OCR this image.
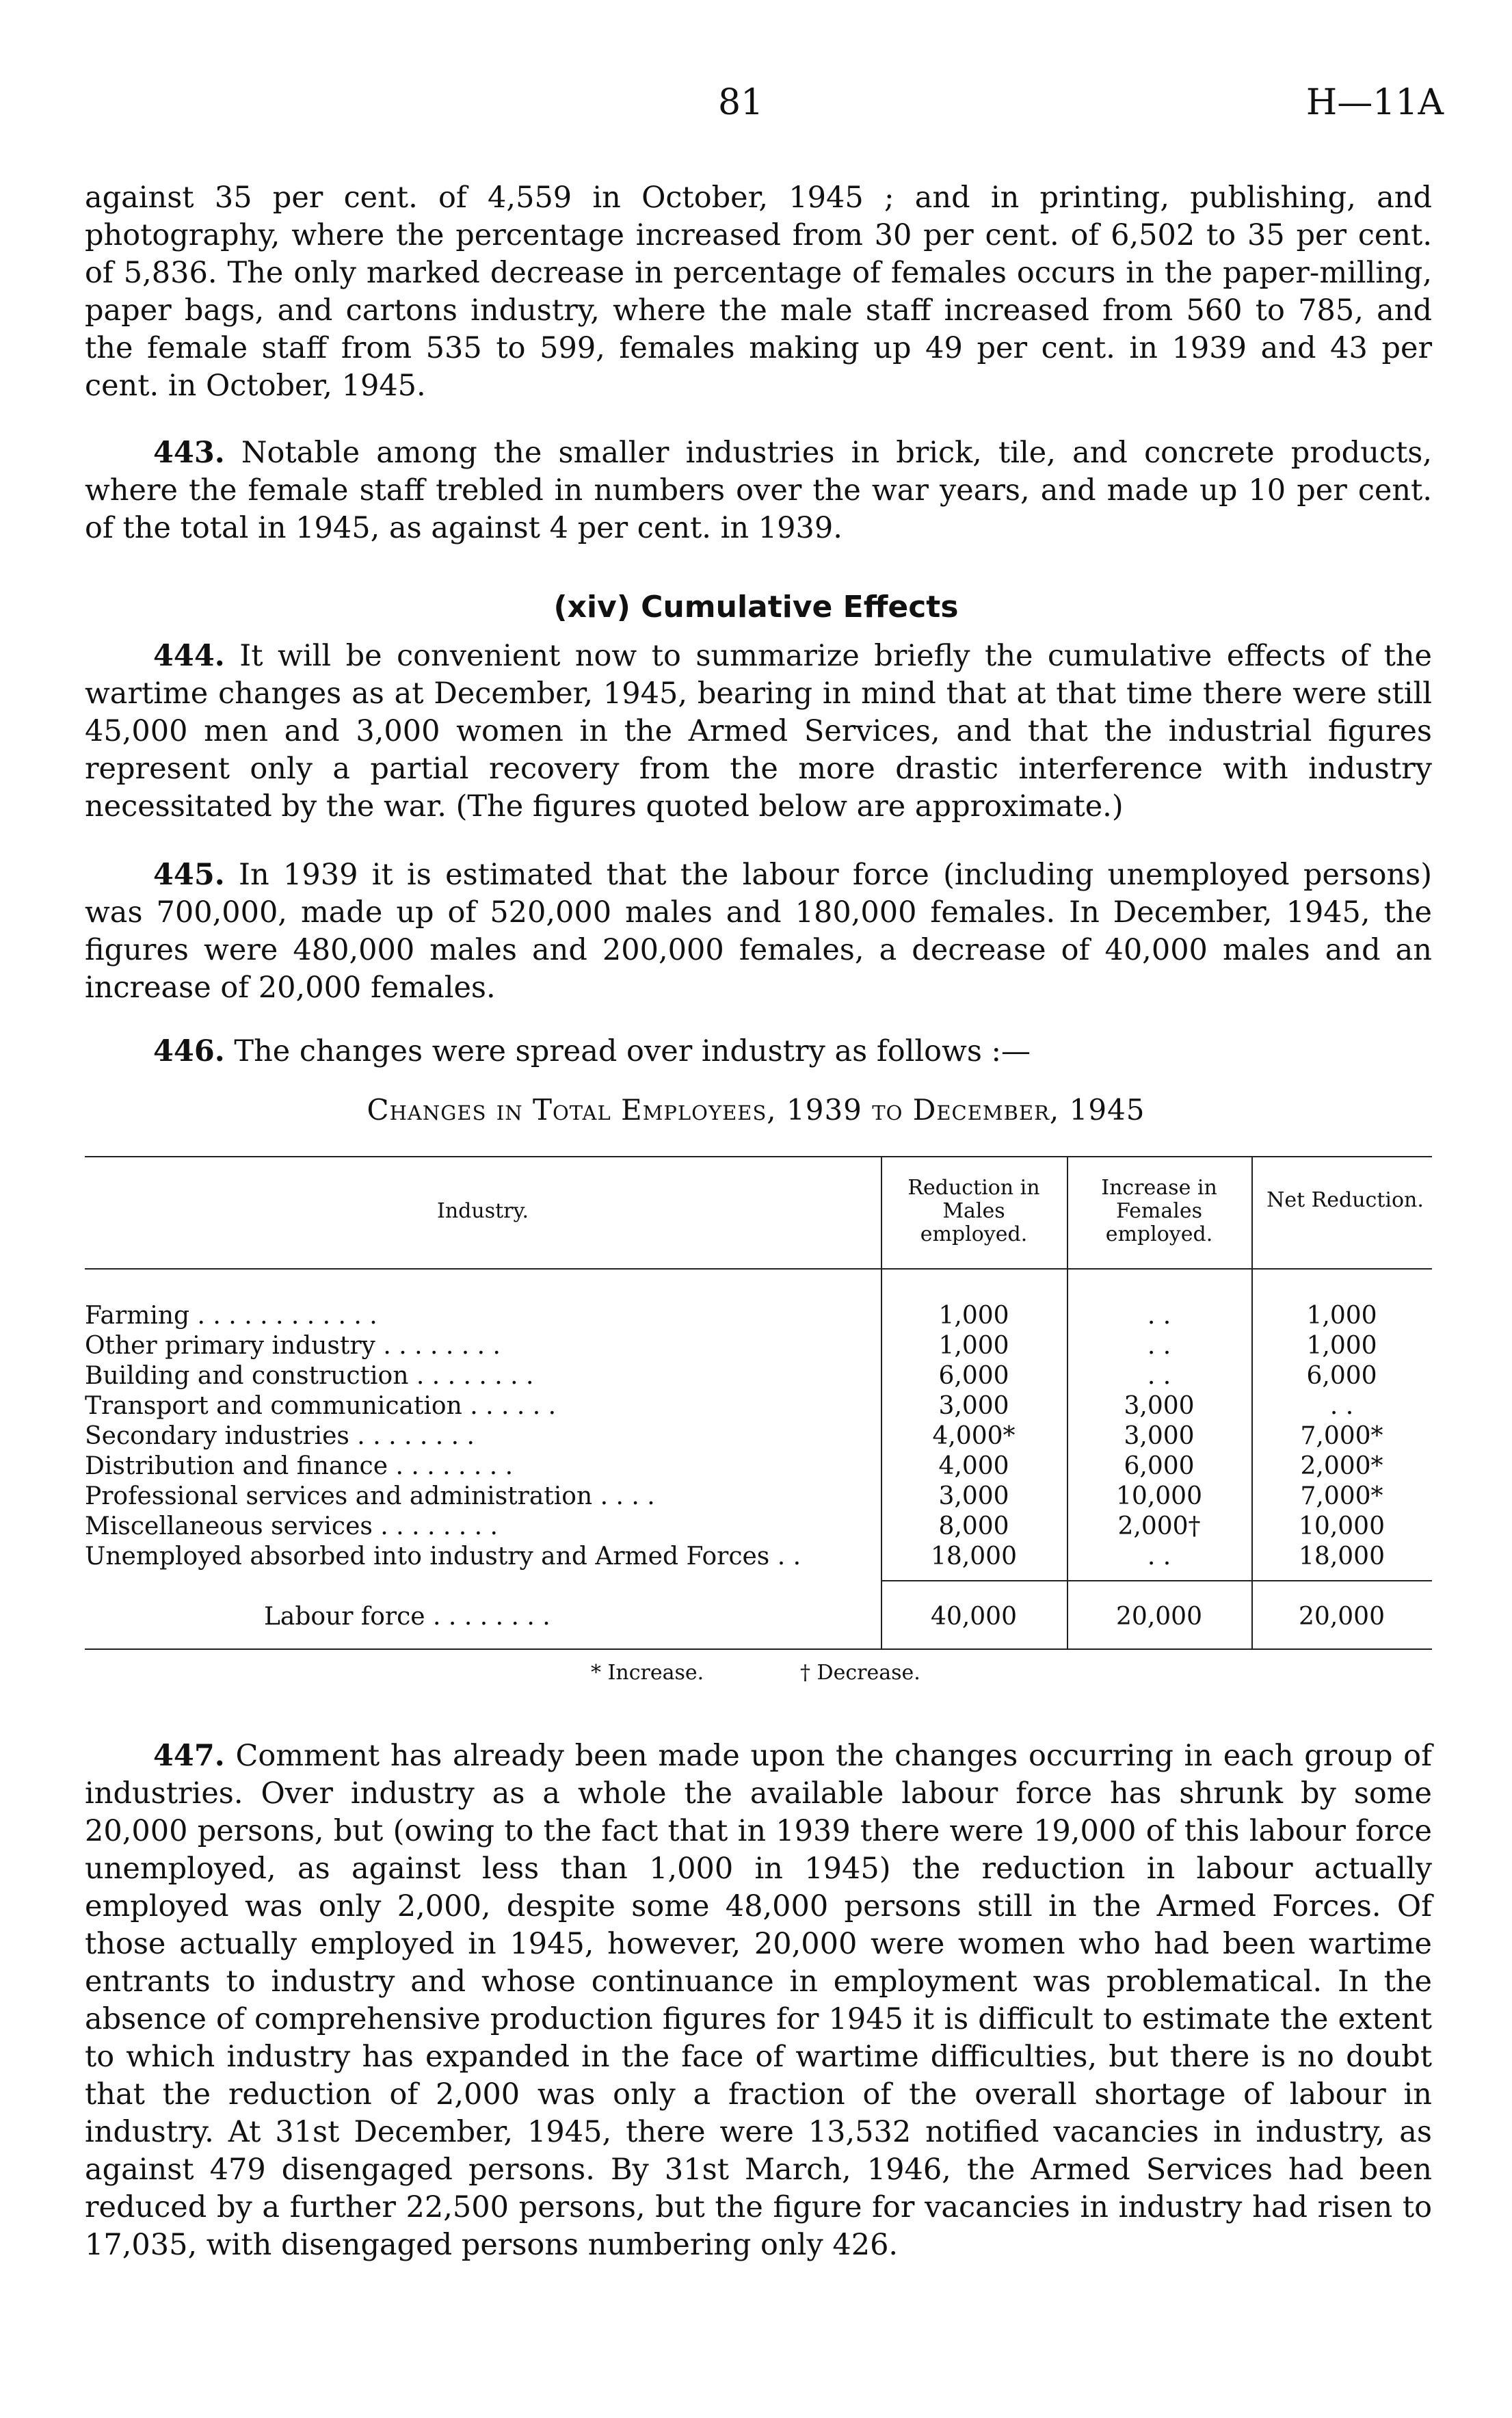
81	H—11A

against 35 per cent. of 4,559 in October, 1945 ; and in printing, publishing, and photography, where the percentage increased from 30 per cent. of 6,502 to 35 per cent. of 5,836. The only marked decrease in percentage of females occurs in the paper-milling, paper bags, and cartons industry, where the male staff increased from 560 to 785, and the female staff from 535 to 599, females making up 49 per cent. in 1939 and 43 per cent. in October, 1945.

443. Notable among the smaller industries in brick, tile, and concrete products, where the female staff trebled in numbers over the war years, and made up 10 per cent. of the total in 1945, as against 4 per cent. in 1939.

(xiv) Cumulative Effects

444. It will be convenient now to summarize briefly the cumulative effects of the wartime changes as at December, 1945, bearing in mind that at that time there were still 45,000 men and 3,000 women in the Armed Services, and that the industrial figures represent only a partial recovery from the more drastic interference with industry necessitated by the war. (The figures quoted below are approximate.)

445. In 1939 it is estimated that the labour force (including unemployed persons) was 700,000, made up of 520,000 males and 180,000 females. In December, 1945, the figures were 480,000 males and 200,000 females, a decrease of 40,000 males and an increase of 20,000 females.

446. The changes were spread over industry as follows :—

Changes in Total Employees, 1939 to December, 1945
Industry.
Reduction in Males employed.
Increase in Females employed.
Net Reduction.
Farming . . . . . . . . . . . .	1,000	. .	1,000
Other primary industry . . . . . . . .	1,000	. .	1,000
Building and construction . . . . . . . .	6,000	. .	6,000
Transport and communication . . . . . .	3,000	3,000	. .
Secondary industries . . . . . . . .	4,000*	3,000	7,000*
Distribution and finance . . . . . . . .	4,000	6,000	2,000*
Professional services and administration . . . .	3,000	10,000	7,000*
Miscellaneous services . . . . . . . .	8,000	2,000†	10,000
Unemployed absorbed into industry and Armed Forces . .	18,000	. .	18,000
Labour force . . . . . . . .	40,000	20,000	20,000
* Increase.	† Decrease.

447. Comment has already been made upon the changes occurring in each group of industries. Over industry as a whole the available labour force has shrunk by some 20,000 persons, but (owing to the fact that in 1939 there were 19,000 of this labour force unemployed, as against less than 1,000 in 1945) the reduction in labour actually employed was only 2,000, despite some 48,000 persons still in the Armed Forces. Of those actually employed in 1945, however, 20,000 were women who had been wartime entrants to industry and whose continuance in employment was problematical. In the absence of comprehensive production figures for 1945 it is difficult to estimate the extent to which industry has expanded in the face of wartime difficulties, but there is no doubt that the reduction of 2,000 was only a fraction of the overall shortage of labour in industry. At 31st December, 1945, there were 13,532 notified vacancies in industry, as against 479 disengaged persons. By 31st March, 1946, the Armed Services had been reduced by a further 22,500 persons, but the figure for vacancies in industry had risen to 17,035, with disengaged persons numbering only 426.
